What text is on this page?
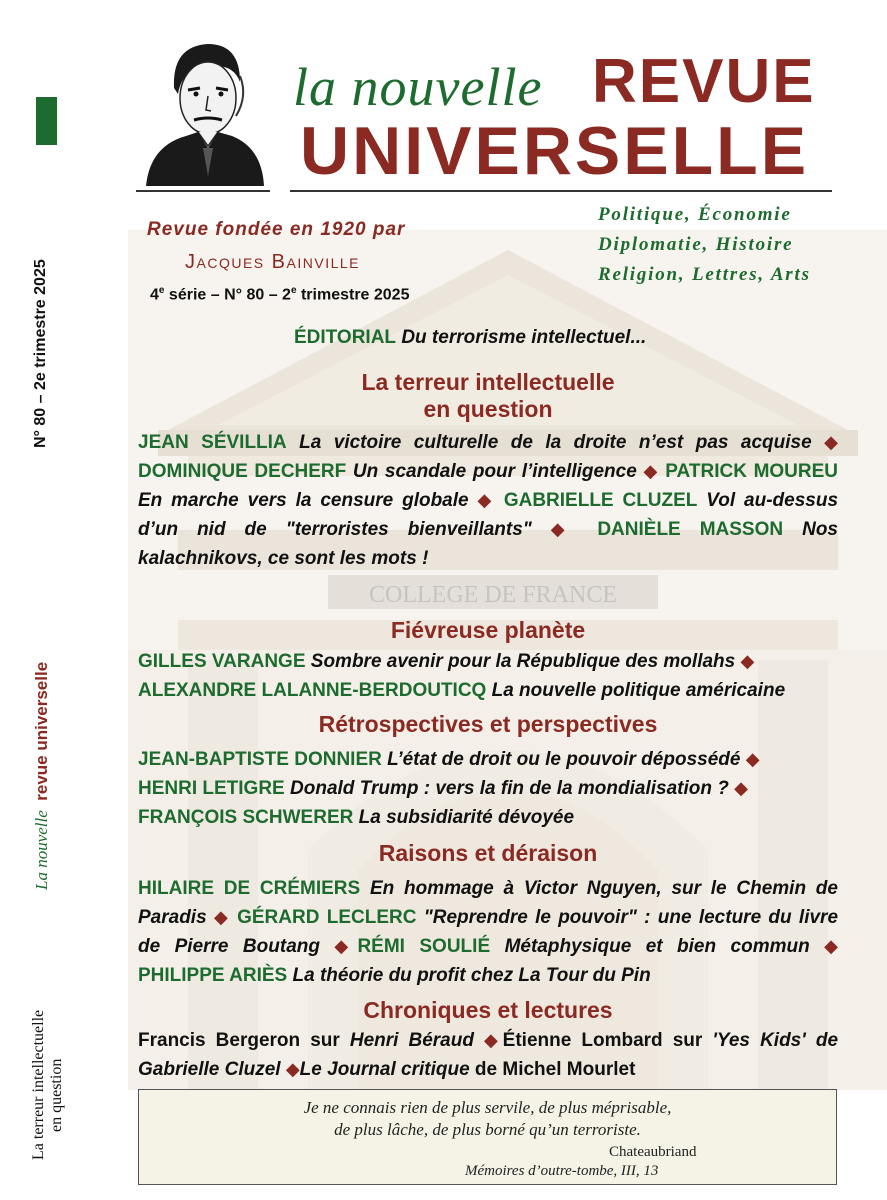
COLLEGE DE FRANCE
N° 80 – 2e trimestre 2025
La nouvelle  revue universelle
La terreur intellectuelle
en question
la nouvelle REVUE
UNIVERSELLE
Revue fondée en 1920 par
Jacques Bainville
4e série – N° 80 – 2e trimestre 2025
Politique, Économie
Diplomatie, Histoire
Religion, Lettres, Arts
ÉDITORIAL Du terrorisme intellectuel...
La terreur intellectuelle
en question
JEAN SÉVILLIA La victoire culturelle de la droite n’est pas acquise ◆ DOMINIQUE DECHERF Un scandale pour l’intelligence ◆ PATRICK MOUREU En marche vers la censure globale ◆ GABRIELLE CLUZEL Vol au-dessus d’un nid de "terroristes bienveillants" ◆ DANIÈLE MASSON Nos kalachnikovs, ce sont les mots !
Fiévreuse planète
GILLES VARANGE Sombre avenir pour la République des mollahs ◆
ALEXANDRE LALANNE-BERDOUTICQ La nouvelle politique américaine
Rétrospectives et perspectives
JEAN-BAPTISTE DONNIER L’état de droit ou le pouvoir dépossédé ◆
HENRI LETIGRE Donald Trump : vers la fin de la mondialisation ? ◆
FRANÇOIS SCHWERER La subsidiarité dévoyée
Raisons et déraison
HILAIRE DE CRÉMIERS En hommage à Victor Nguyen, sur le Chemin de Paradis ◆ GÉRARD LECLERC "Reprendre le pouvoir" : une lecture du livre de Pierre Boutang ◆RÉMI SOULIÉ Métaphysique et bien commun ◆ PHILIPPE ARIÈS La théorie du profit chez La Tour du Pin
Chroniques et lectures
Francis Bergeron sur Henri Béraud ◆Étienne Lombard sur 'Yes Kids' de Gabrielle Cluzel ◆Le Journal critique de Michel Mourlet
Je ne connais rien de plus servile, de plus méprisable,
de plus lâche, de plus borné qu’un terroriste.
Chateaubriand
Mémoires d’outre-tombe, III, 13
